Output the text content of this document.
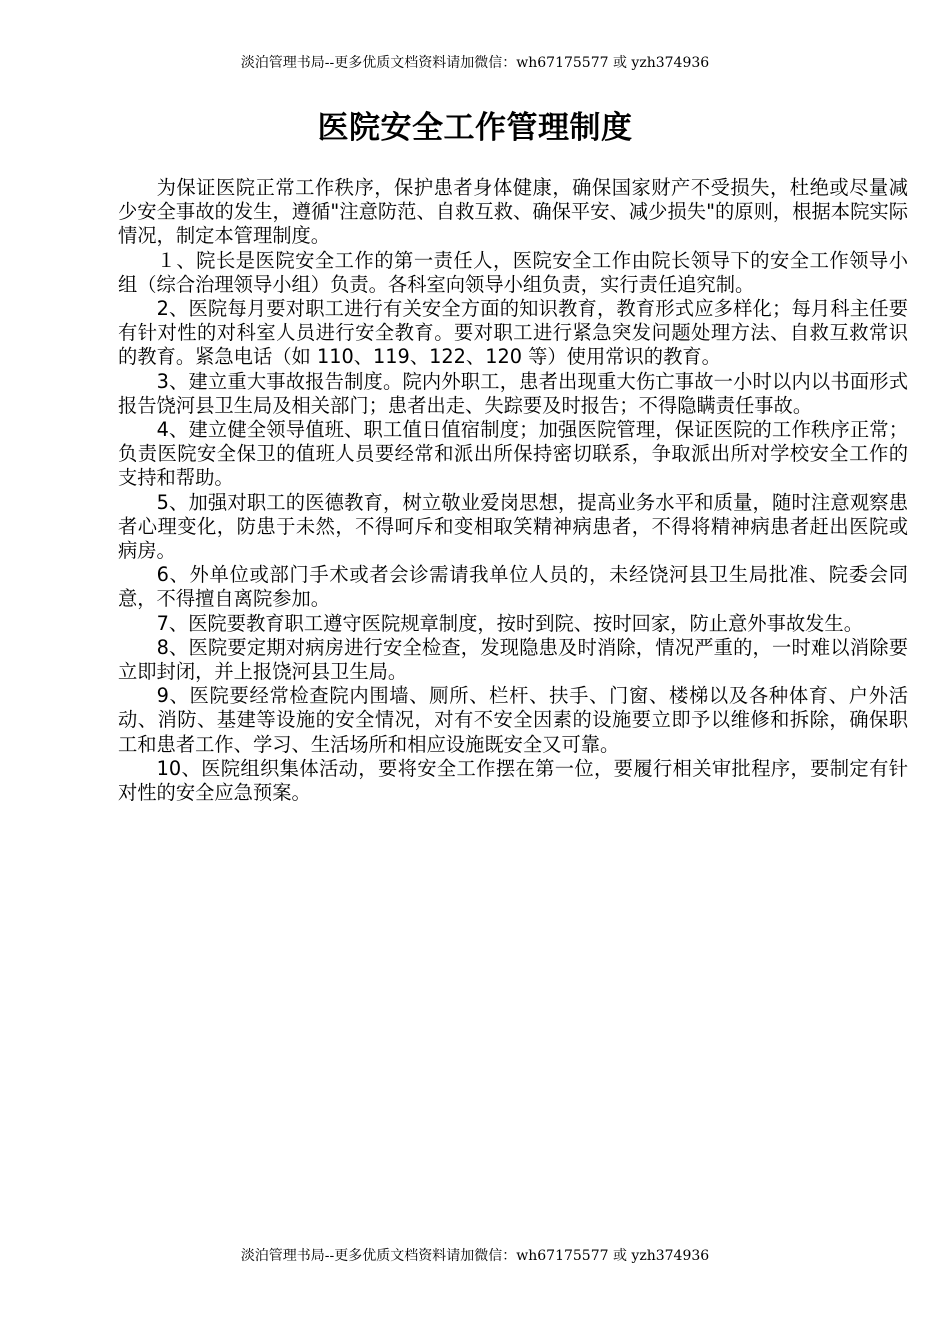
淡泊管理书局--更多优质文档资料请加微信：wh67175577 或 yzh374936
医院安全工作管理制度

为保证医院正常工作秩序，保护患者身体健康，确保国家财产不受损失，杜绝或尽量减少安全事故的发生，遵循"注意防范、自救互救、确保平安、减少损失"的原则，根据本院实际情况，制定本管理制度。

１、院长是医院安全工作的第一责任人，医院安全工作由院长领导下的安全工作领导小组（综合治理领导小组）负责。各科室向领导小组负责，实行责任追究制。

2、医院每月要对职工进行有关安全方面的知识教育，教育形式应多样化；每月科主任要有针对性的对科室人员进行安全教育。要对职工进行紧急突发问题处理方法、自救互救常识的教育。紧急电话（如 110、119、122、120 等）使用常识的教育。

3、建立重大事故报告制度。院内外职工，患者出现重大伤亡事故一小时以内以书面形式报告饶河县卫生局及相关部门；患者出走、失踪要及时报告；不得隐瞒责任事故。

4、建立健全领导值班、职工值日值宿制度；加强医院管理，保证医院的工作秩序正常；负责医院安全保卫的值班人员要经常和派出所保持密切联系，争取派出所对学校安全工作的支持和帮助。

5、加强对职工的医德教育，树立敬业爱岗思想，提高业务水平和质量，随时注意观察患者心理变化，防患于未然，不得呵斥和变相取笑精神病患者，不得将精神病患者赶出医院或病房。

6、外单位或部门手术或者会诊需请我单位人员的，未经饶河县卫生局批准、院委会同意，不得擅自离院参加。

7、医院要教育职工遵守医院规章制度，按时到院、按时回家，防止意外事故发生。

8、医院要定期对病房进行安全检查，发现隐患及时消除，情况严重的，一时难以消除要立即封闭，并上报饶河县卫生局。

9、医院要经常检查院内围墙、厕所、栏杆、扶手、门窗、楼梯以及各种体育、户外活动、消防、基建等设施的安全情况，对有不安全因素的设施要立即予以维修和拆除，确保职工和患者工作、学习、生活场所和相应设施既安全又可靠。

10、医院组织集体活动，要将安全工作摆在第一位，要履行相关审批程序，要制定有针对性的安全应急预案。

淡泊管理书局--更多优质文档资料请加微信：wh67175577 或 yzh374936
